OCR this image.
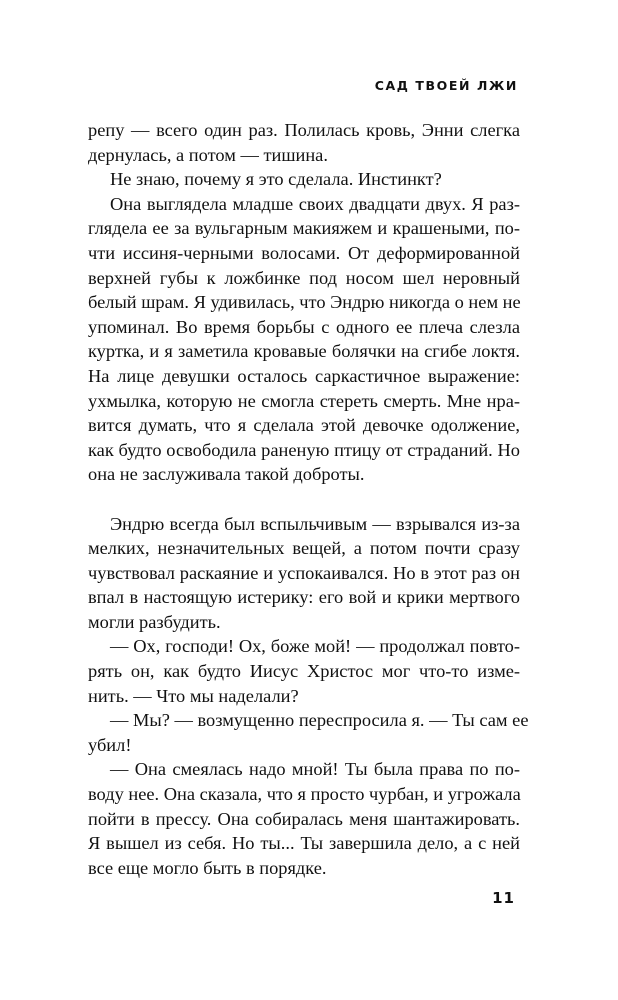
САД ТВОЕЙ ЛЖИ
репу — всего один раз. Полилась кровь, Энни слегка
дернулась, а потом — тишина.
Не знаю, почему я это сделала. Инстинкт?
Она выглядела младше своих двадцати двух. Я раз-
глядела ее за вульгарным макияжем и крашеными, по-
чти иссиня-черными волосами. От деформированной
верхней губы к ложбинке под носом шел неровный
белый шрам. Я удивилась, что Эндрю никогда о нем не
упоминал. Во время борьбы с одного ее плеча слезла
куртка, и я заметила кровавые болячки на сгибе локтя.
На лице девушки осталось саркастичное выражение:
ухмылка, которую не смогла стереть смерть. Мне нра-
вится думать, что я сделала этой девочке одолжение,
как будто освободила раненую птицу от страданий. Но
она не заслуживала такой доброты.
Эндрю всегда был вспыльчивым — взрывался из-за
мелких, незначительных вещей, а потом почти сразу
чувствовал раскаяние и успокаивался. Но в этот раз он
впал в настоящую истерику: его вой и крики мертвого
могли разбудить.
— Ох, господи! Ох, боже мой! — продолжал повто-
рять он, как будто Иисус Христос мог что-то изме-
нить. — Что мы наделали?
— Мы? — возмущенно переспросила я. — Ты сам ее
убил!
— Она смеялась надо мной! Ты была права по по-
воду нее. Она сказала, что я просто чурбан, и угрожала
пойти в прессу. Она собиралась меня шантажировать.
Я вышел из себя. Но ты... Ты завершила дело, а с ней
все еще могло быть в порядке.
11
